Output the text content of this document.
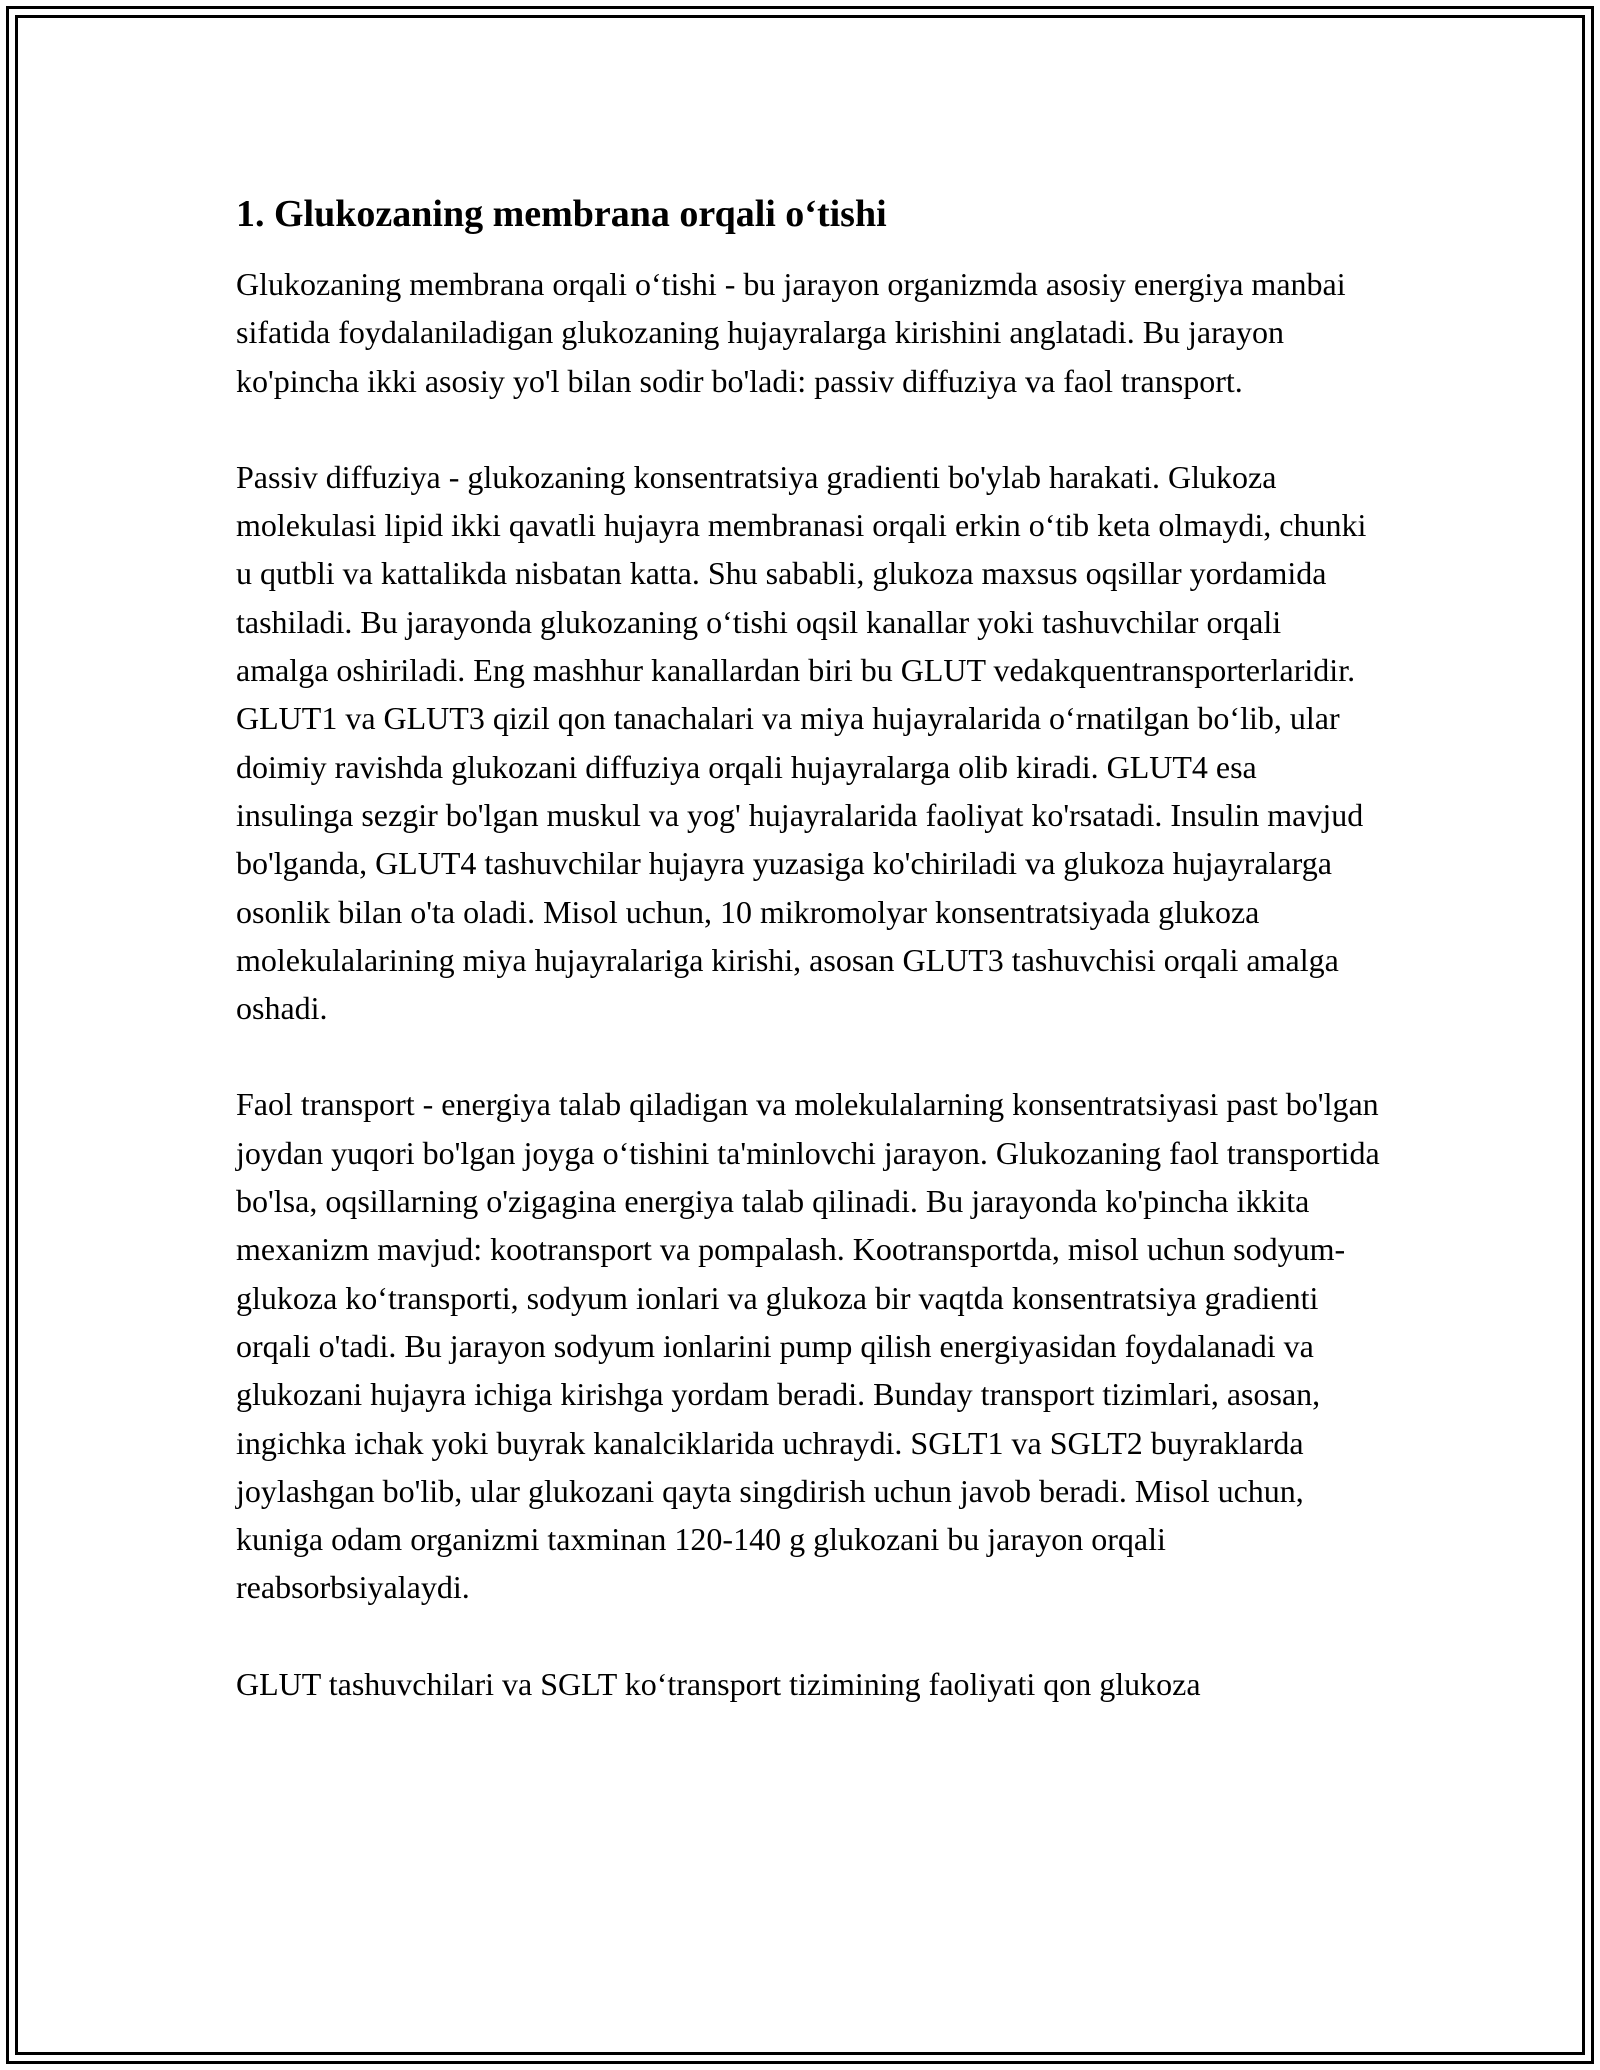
1. Glukozaning membrana orqali o‘tishi

Glukozaning membrana orqali o‘tishi - bu jarayon organizmda asosiy energiya manbai sifatida foydalaniladigan glukozaning hujayralarga kirishini anglatadi. Bu jarayon ko'pincha ikki asosiy yo'l bilan sodir bo'ladi: passiv diffuziya va faol transport.

Passiv diffuziya - glukozaning konsentratsiya gradienti bo'ylab harakati. Glukoza molekulasi lipid ikki qavatli hujayra membranasi orqali erkin o‘tib keta olmaydi, chunki u qutbli va kattalikda nisbatan katta. Shu sababli, glukoza maxsus oqsillar yordamida tashiladi. Bu jarayonda glukozaning o‘tishi oqsil kanallar yoki tashuvchilar orqali amalga oshiriladi. Eng mashhur kanallardan biri bu GLUT vedakquentransporterlaridir. GLUT1 va GLUT3 qizil qon tanachalari va miya hujayralarida o‘rnatilgan bo‘lib, ular doimiy ravishda glukozani diffuziya orqali hujayralarga olib kiradi. GLUT4 esa insulinga sezgir bo'lgan muskul va yog' hujayralarida faoliyat ko'rsatadi. Insulin mavjud bo'lganda, GLUT4 tashuvchilar hujayra yuzasiga ko'chiriladi va glukoza hujayralarga osonlik bilan o'ta oladi. Misol uchun, 10 mikromolyar konsentratsiyada glukoza molekulalarining miya hujayralariga kirishi, asosan GLUT3 tashuvchisi orqali amalga oshadi.

Faol transport - energiya talab qiladigan va molekulalarning konsentratsiyasi past bo'lgan joydan yuqori bo'lgan joyga o‘tishini ta'minlovchi jarayon. Glukozaning faol transportida bo'lsa, oqsillarning o'zigagina energiya talab qilinadi. Bu jarayonda ko'pincha ikkita mexanizm mavjud: kootransport va pompalash. Kootransportda, misol uchun sodyum-glukoza ko‘transporti, sodyum ionlari va glukoza bir vaqtda konsentratsiya gradienti orqali o'tadi. Bu jarayon sodyum ionlarini pump qilish energiyasidan foydalanadi va glukozani hujayra ichiga kirishga yordam beradi. Bunday transport tizimlari, asosan, ingichka ichak yoki buyrak kanalciklarida uchraydi. SGLT1 va SGLT2 buyraklarda joylashgan bo'lib, ular glukozani qayta singdirish uchun javob beradi. Misol uchun, kuniga odam organizmi taxminan 120-140 g glukozani bu jarayon orqali reabsorbsiyalaydi.

GLUT tashuvchilari va SGLT ko‘transport tizimining faoliyati qon glukoza
